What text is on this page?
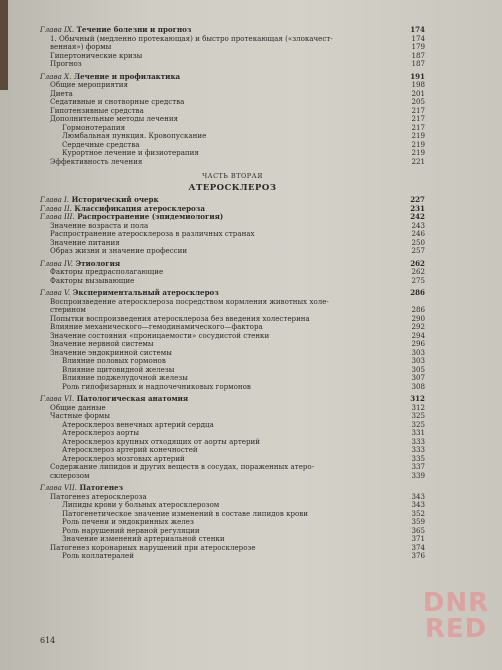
Глава IX. Течение болезни и прогноз	174
1. Обычный (медленно протекающая) и быстро протекающая («злокачест-	174
венная») формы	179
Гипертонические кризы	187
Прогноз	187
Глава X. Лечение и профилактика	191
Общие мероприятия	198
Диета	201
Седативные и снотворные средства	205
Гипотензивные средства	217
Дополнительные методы лечения	217
Гормонотерапия	217
Люмбальная пункция. Кровопускание	219
Сердечные средства	219
Курортное лечение и физиотерапия	219
Эффективность лечения	221
ЧАСТЬ ВТОРАЯ
АТЕРОСКЛЕРОЗ
Глава I. Исторический очерк	227
Глава II. Классификация атеросклероза	231
Глава III. Распространение (эпидемиология)	242
Значение возраста и пола	243
Распространение атеросклероза в различных странах	246
Значение питания	250
Образ жизни и значение профессии	257
Глава IV. Этиология	262
Факторы предрасполагающие	262
Факторы вызывающие	275
Глава V. Экспериментальный атеросклероз	286
Воспроизведение атеросклероза посредством кормления животных холе-
стерином	286
Попытки воспроизведения атеросклероза без введения холестерина	290
Влияние механического—гемодинамического—фактора	292
Значение состояния «проницаемости» сосудистой стенки	294
Значение нервной системы	296
Значение эндокринной системы	303
Влияние половых гормонов	303
Влияние щитовидной железы	305
Влияние поджелудочной железы	307
Роль гипофизарных и надпочечниковых гормонов	308
Глава VI. Патологическая анатомия	312
Общие данные	312
Частные формы	325
Атеросклероз венечных артерий сердца	325
Атеросклероз аорты	331
Атеросклероз крупных отходящих от аорты артерий	333
Атеросклероз артерий конечностей	333
Атеросклероз мозговых артерий	335
Содержание липидов и других веществ в сосудах, пораженных атеро-	337
склерозом	339
Глава VII. Патогенез
Патогенез атеросклероза	343
Липиды крови у больных атеросклерозом	343
Патогенетическое значение изменений в составе липидов крови	352
Роль печени и эндокринных желез	359
Роль нарушений нервной регуляции	365
Значение изменений артериальной стенки	371
Патогенез коронарных нарушений при атеросклерозе	374
Роль коллатералей	376
614
DNR
RED
